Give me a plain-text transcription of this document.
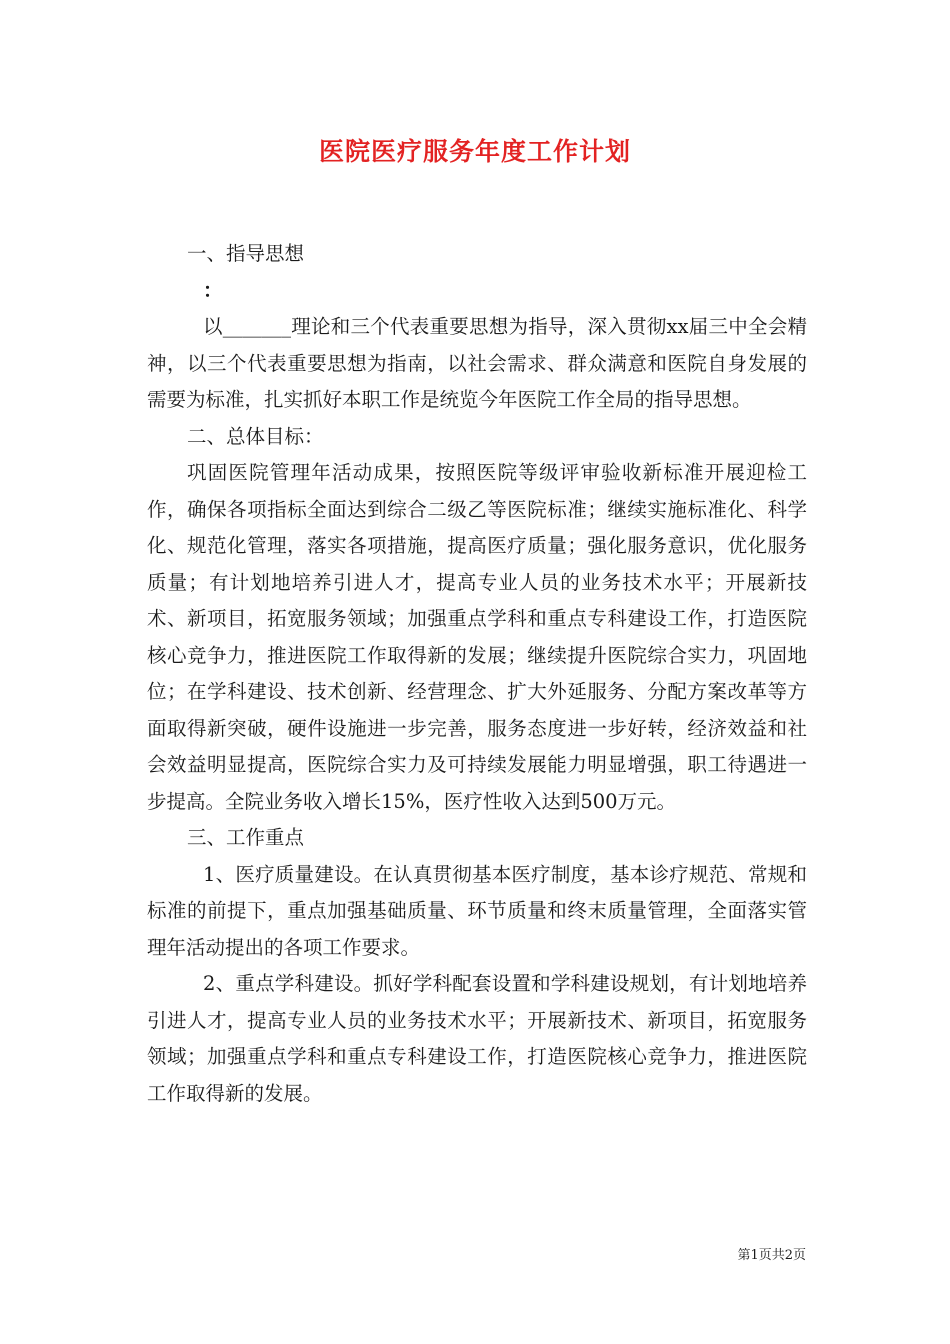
医院医疗服务年度工作计划

一、指导思想

：

以_______理论和三个代表重要思想为指导，深入贯彻xx届三中全会精神，以三个代表重要思想为指南，以社会需求、群众满意和医院自身发展的需要为标准，扎实抓好本职工作是统览今年医院工作全局的指导思想。

二、总体目标：

巩固医院管理年活动成果，按照医院等级评审验收新标准开展迎检工作，确保各项指标全面达到综合二级乙等医院标准；继续实施标准化、科学化、规范化管理，落实各项措施，提高医疗质量；强化服务意识，优化服务质量；有计划地培养引进人才，提高专业人员的业务技术水平；开展新技术、新项目，拓宽服务领域；加强重点学科和重点专科建设工作，打造医院核心竞争力，推进医院工作取得新的发展；继续提升医院综合实力，巩固地位；在学科建设、技术创新、经营理念、扩大外延服务、分配方案改革等方面取得新突破，硬件设施进一步完善，服务态度进一步好转，经济效益和社会效益明显提高，医院综合实力及可持续发展能力明显增强，职工待遇进一步提高。全院业务收入增长15%，医疗性收入达到500万元。

三、工作重点

1、医疗质量建设。在认真贯彻基本医疗制度，基本诊疗规范、常规和标准的前提下，重点加强基础质量、环节质量和终末质量管理，全面落实管理年活动提出的各项工作要求。

2、重点学科建设。抓好学科配套设置和学科建设规划，有计划地培养引进人才，提高专业人员的业务技术水平；开展新技术、新项目，拓宽服务领域；加强重点学科和重点专科建设工作，打造医院核心竞争力，推进医院工作取得新的发展。

第1页共2页
